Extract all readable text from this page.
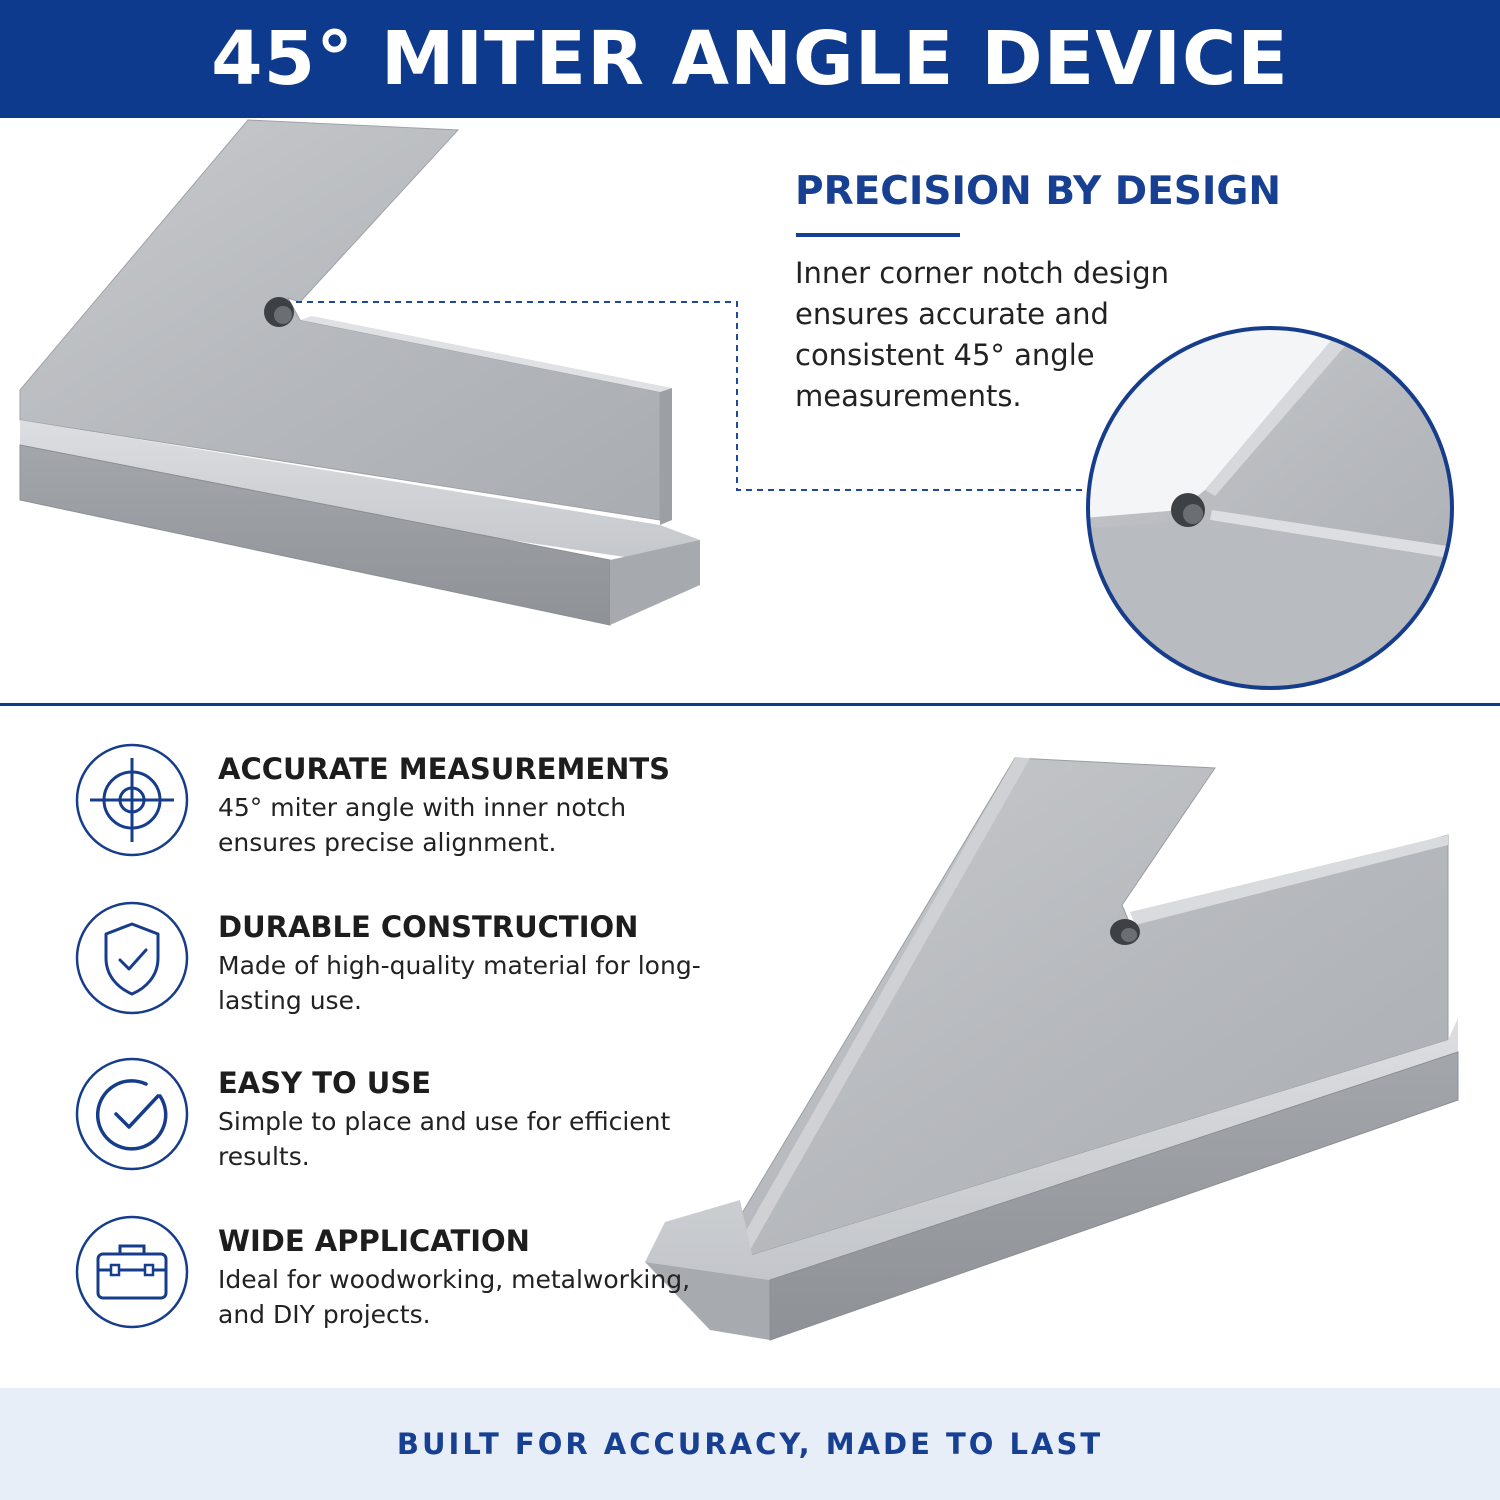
45° MITER ANGLE DEVICE
PRECISION BY DESIGN

Inner corner notch design ensures accurate and consistent 45° angle measurements.

ACCURATE MEASUREMENTS

45° miter angle with inner notch ensures precise alignment.

DURABLE CONSTRUCTION

Made of high-quality material for long-lasting use.

EASY TO USE

Simple to place and use for efficient results.

WIDE APPLICATION

Ideal for woodworking, metalworking, and DIY projects.

BUILT FOR ACCURACY, MADE TO LAST
